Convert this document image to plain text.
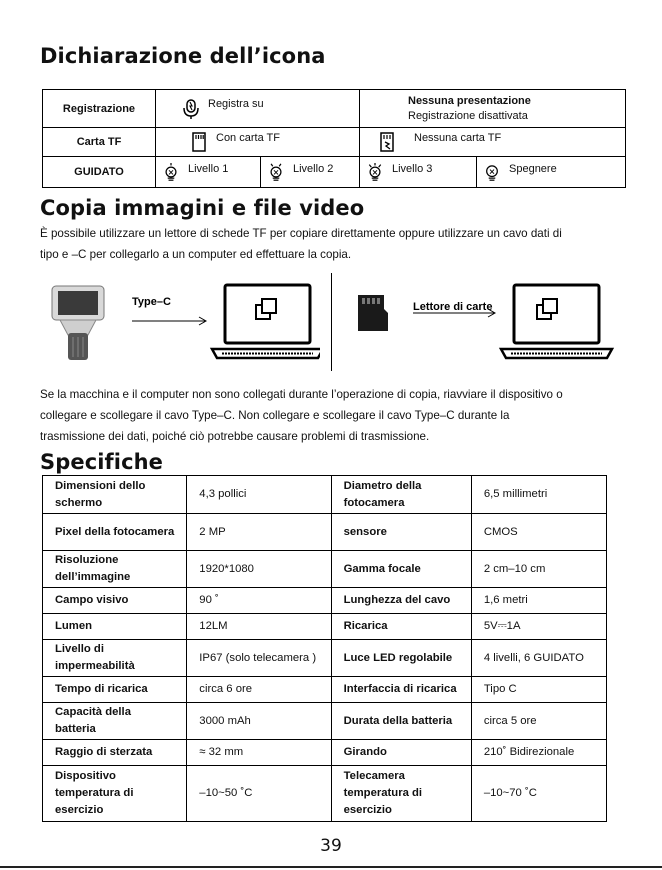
Dichiarazione dell’icona
Registrazione	Registra su		Nessuna presentazione
Registrazione disattivata	

Carta TF	Con carta TF		Nessuna carta TF	

GUIDATO	Livello 1	Livello 2	Livello 3	Spegnere
Copia immagini e file video
È possibile utilizzare un lettore di schede TF per copiare direttamente oppure utilizzare un cavo dati di
tipo e –C per collegarlo a un computer ed effettuare la copia.
Type–C	Lettore di carte
Se la macchina e il computer non sono collegati durante l’operazione di copia, riavviare il dispositivo o
collegare e scollegare il cavo Type–C. Non collegare e scollegare il cavo Type–C durante la
trasmissione dei dati, poiché ciò potrebbe causare problemi di trasmissione.
Specifiche
Dimensioni dello schermo	4,3 pollici	Diametro della fotocamera	6,5 millimetri
Pixel della fotocamera	2 MP	sensore	CMOS
Risoluzione dell’immagine	1920*1080	Gamma focale	2 cm–10 cm
Campo visivo	90 ˚	Lunghezza del cavo	1,6 metri
Lumen	12LM	Ricarica	5V⎓1A
Livello di impermeabilità	IP67 (solo telecamera )	Luce LED regolabile	4 livelli, 6 GUIDATO
Tempo di ricarica	circa 6 ore	Interfaccia di ricarica	Tipo C
Capacità della batteria	3000 mAh	Durata della batteria	circa 5 ore
Raggio di sterzata	≈ 32 mm	Girando	210˚ Bidirezionale
Dispositivo temperatura di esercizio	–10~50 ˚C	Telecamera temperatura di esercizio	–10~70 ˚C
39
